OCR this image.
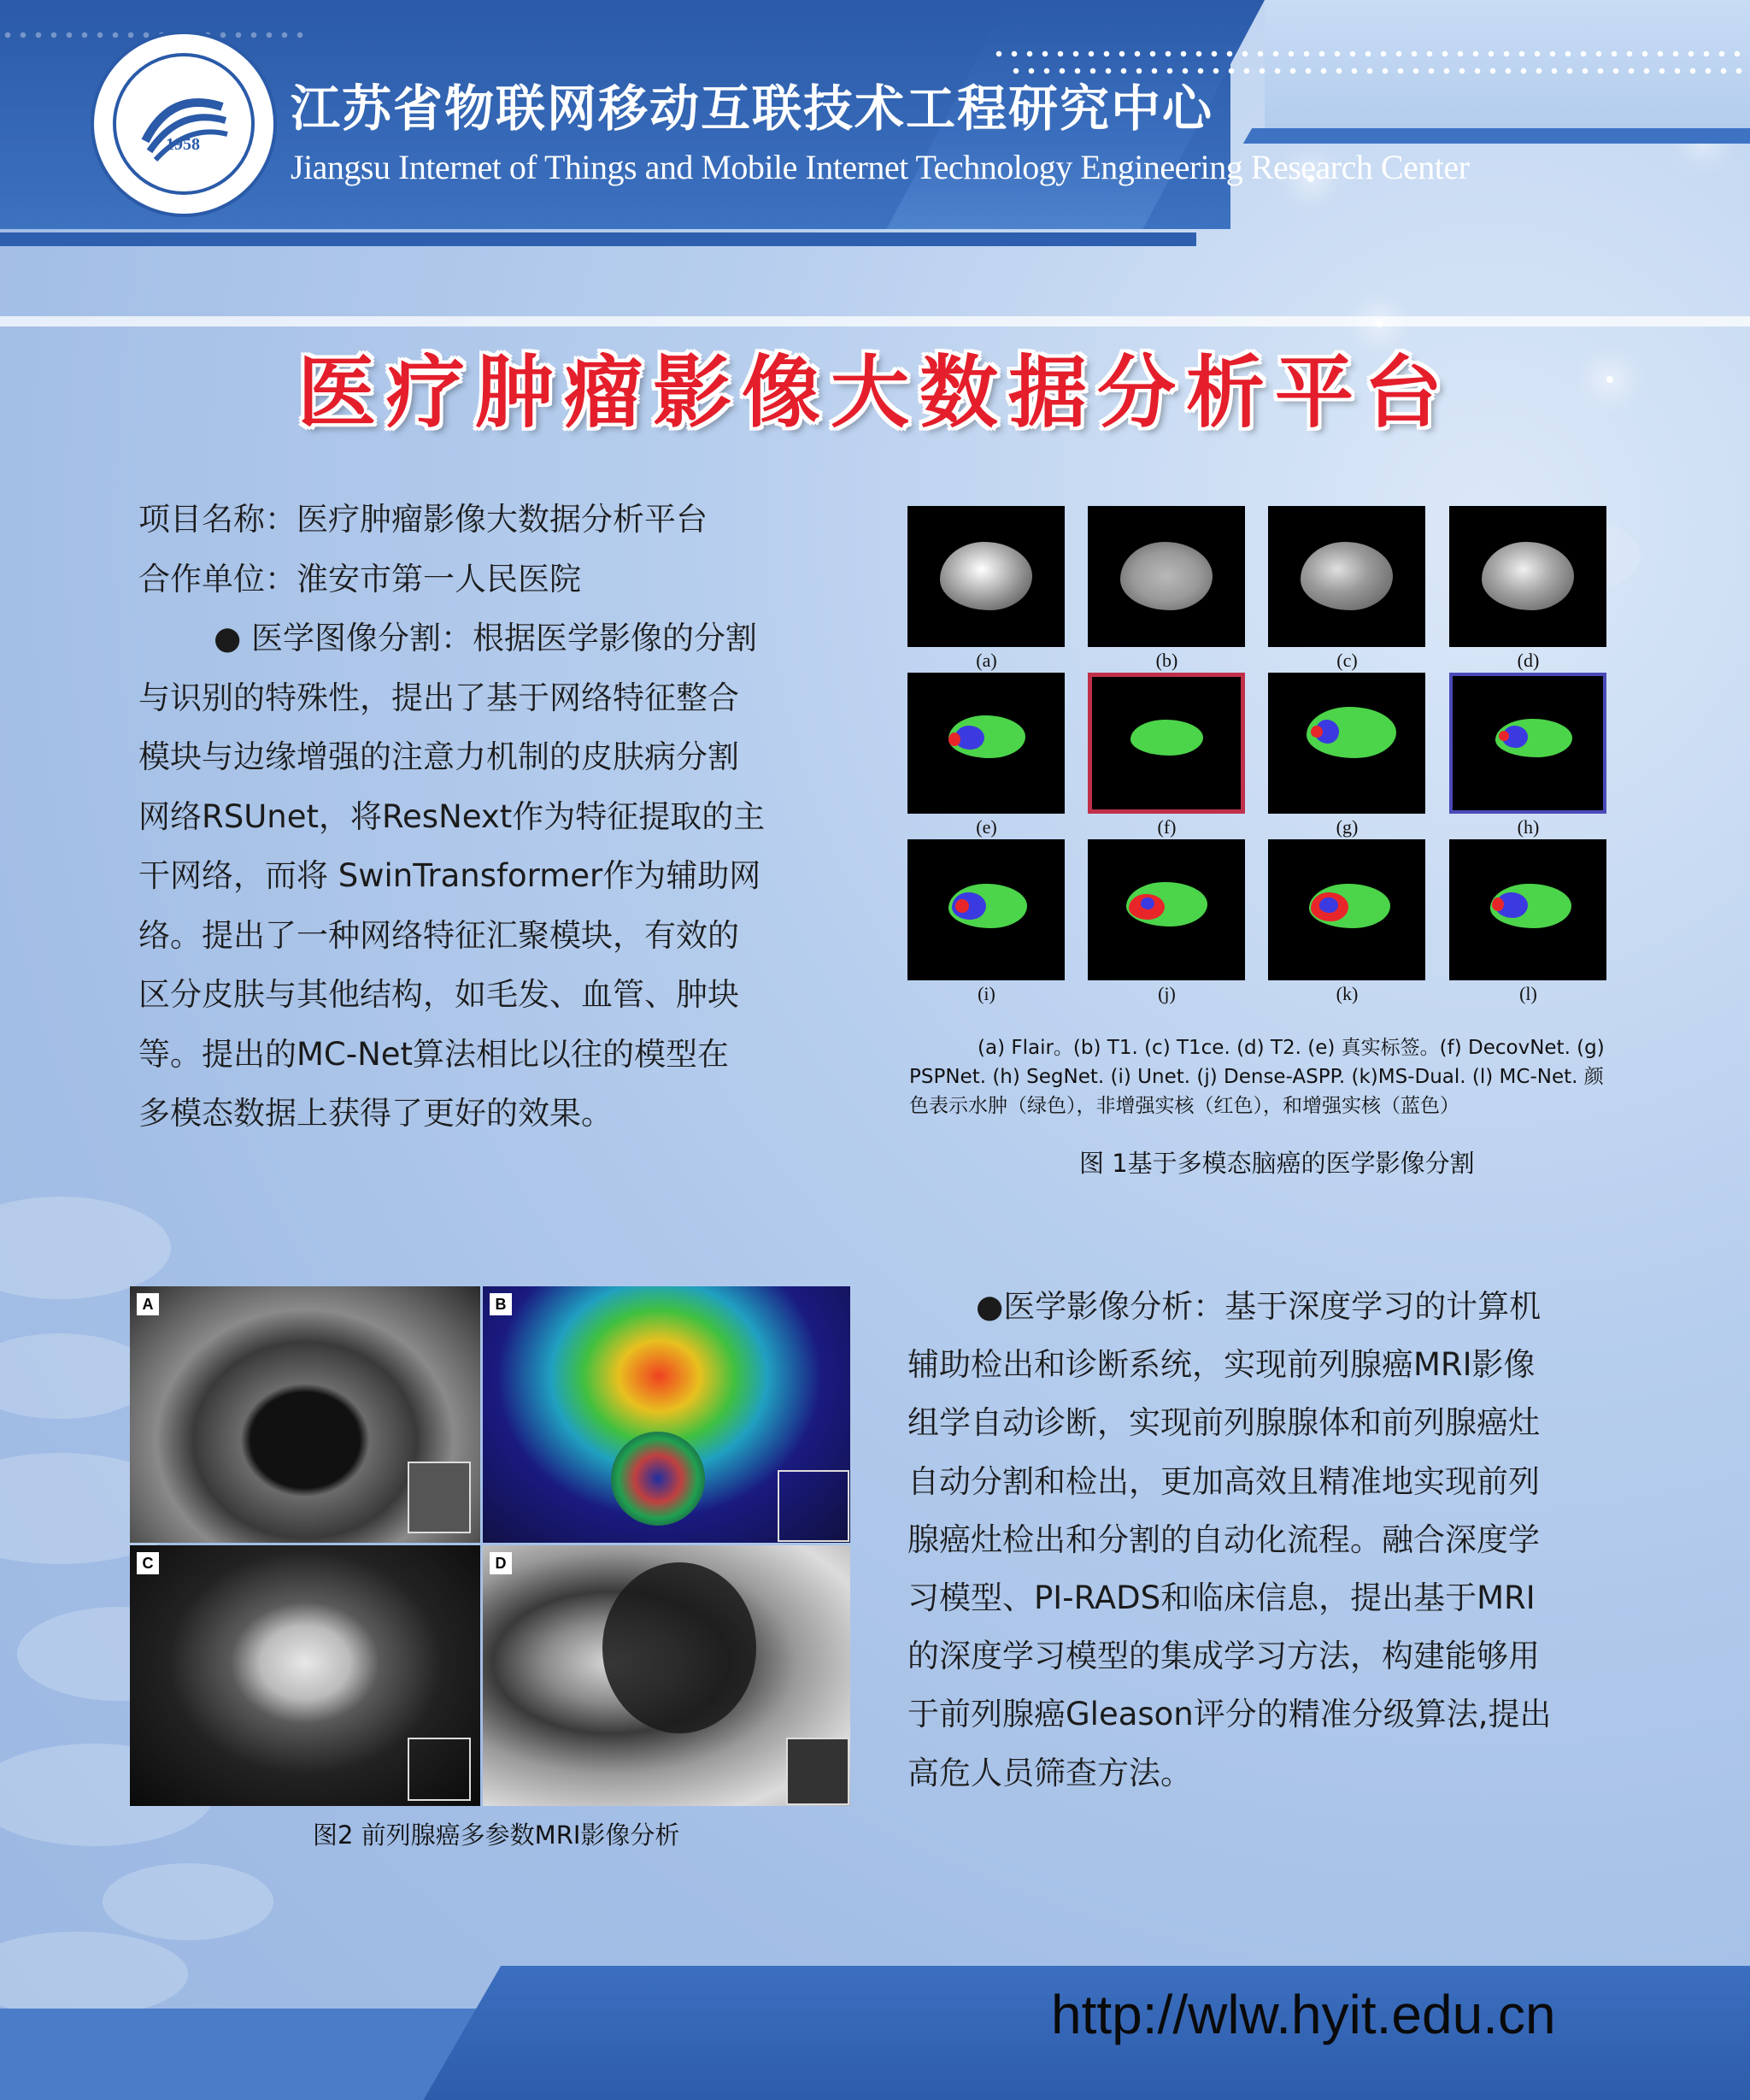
1958
江苏省物联网移动互联技术工程研究中心
Jiangsu Internet of Things and Mobile Internet Technology Engineering Research Center
医疗肿瘤影像大数据分析平台
项目名称：医疗肿瘤影像大数据分析平台
合作单位：淮安市第一人民医院
● 医学图像分割：根据医学影像的分割
与识别的特殊性，提出了基于网络特征整合
模块与边缘增强的注意力机制的皮肤病分割
网络RSUnet，将ResNext作为特征提取的主
干网络，而将 SwinTransformer作为辅助网
络。提出了一种网络特征汇聚模块，有效的
区分皮肤与其他结构，如毛发、血管、肿块
等。提出的MC-Net算法相比以往的模型在
多模态数据上获得了更好的效果。
(a)	(b)	(c)	(d)
(e)	(f)	(g)	(h)
(i)	(j)	(k)	(l)
(a) Flair。(b) T1. (c) T1ce. (d) T2. (e) 真实标签。(f) DecovNet. (g)
PSPNet. (h) SegNet. (i) Unet. (j) Dense-ASPP. (k)MS-Dual. (l) MC-Net. 颜
色表示水肿（绿色），非增强实核（红色），和增强实核（蓝色）
图 1基于多模态脑癌的医学影像分割
A	B
C	D
图2 前列腺癌多参数MRI影像分析
●医学影像分析：基于深度学习的计算机
辅助检出和诊断系统，实现前列腺癌MRI影像
组学自动诊断，实现前列腺腺体和前列腺癌灶
自动分割和检出，更加高效且精准地实现前列
腺癌灶检出和分割的自动化流程。融合深度学
习模型、PI-RADS和临床信息，提出基于MRI
的深度学习模型的集成学习方法，构建能够用
于前列腺癌Gleason评分的精准分级算法,提出
高危人员筛查方法。
http://wlw.hyit.edu.cn
